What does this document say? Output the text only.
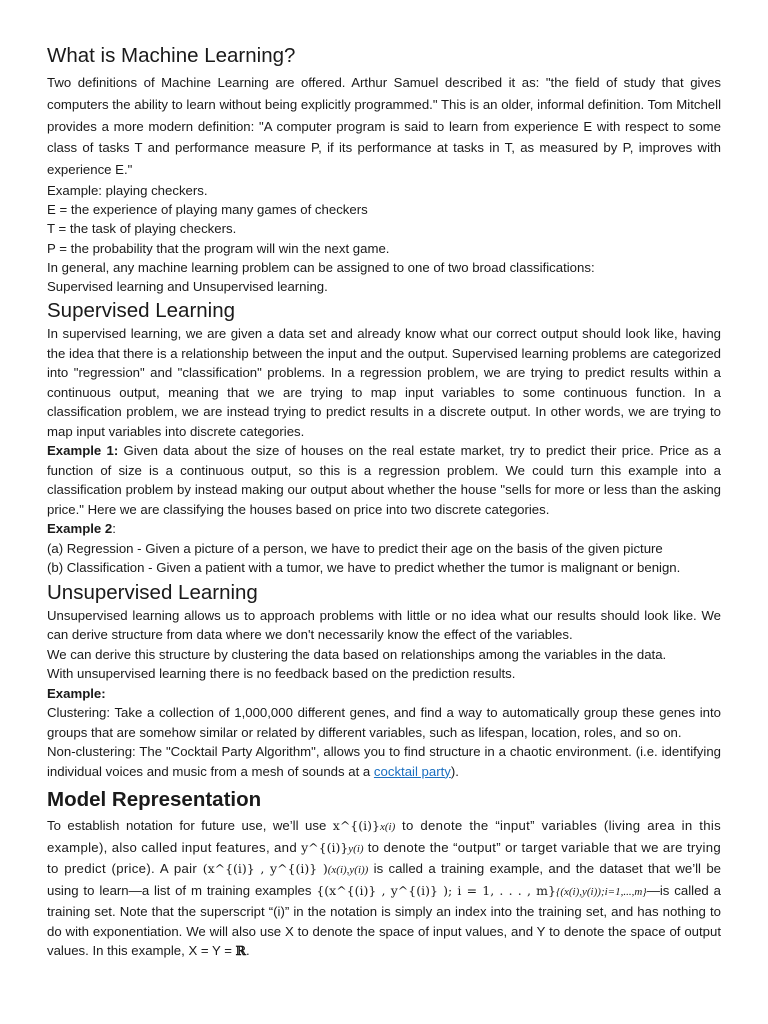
What is Machine Learning?

Two definitions of Machine Learning are offered. Arthur Samuel described it as: "the field of study that gives computers the ability to learn without being explicitly programmed." This is an older, informal definition. Tom Mitchell provides a more modern definition: "A computer program is said to learn from experience E with respect to some class of tasks T and performance measure P, if its performance at tasks in T, as measured by P, improves with experience E."

Example: playing checkers.

E = the experience of playing many games of checkers

T = the task of playing checkers.

P = the probability that the program will win the next game.

In general, any machine learning problem can be assigned to one of two broad classifications:

Supervised learning and Unsupervised learning.

Supervised Learning

In supervised learning, we are given a data set and already know what our correct output should look like, having the idea that there is a relationship between the input and the output. Supervised learning problems are categorized into "regression" and "classification" problems. In a regression problem, we are trying to predict results within a continuous output, meaning that we are trying to map input variables to some continuous function. In a classification problem, we are instead trying to predict results in a discrete output. In other words, we are trying to map input variables into discrete categories.

Example 1: Given data about the size of houses on the real estate market, try to predict their price. Price as a function of size is a continuous output, so this is a regression problem. We could turn this example into a classification problem by instead making our output about whether the house "sells for more or less than the asking price." Here we are classifying the houses based on price into two discrete categories.

Example 2:

(a) Regression - Given a picture of a person, we have to predict their age on the basis of the given picture

(b) Classification - Given a patient with a tumor, we have to predict whether the tumor is malignant or benign.

Unsupervised Learning

Unsupervised learning allows us to approach problems with little or no idea what our results should look like. We can derive structure from data where we don't necessarily know the effect of the variables.

We can derive this structure by clustering the data based on relationships among the variables in the data.

With unsupervised learning there is no feedback based on the prediction results.

Example:

Clustering: Take a collection of 1,000,000 different genes, and find a way to automatically group these genes into groups that are somehow similar or related by different variables, such as lifespan, location, roles, and so on.

Non-clustering: The "Cocktail Party Algorithm", allows you to find structure in a chaotic environment. (i.e. identifying individual voices and music from a mesh of sounds at a cocktail party).

Model Representation

To establish notation for future use, we’ll use x^{(i)}x(i) to denote the “input” variables (living area in this example), also called input features, and y^{(i)}y(i) to denote the “output” or target variable that we are trying to predict (price). A pair (x^{(i)} , y^{(i)} )(x(i),y(i)) is called a training example, and the dataset that we’ll be using to learn—a list of m training examples {(x^{(i)} , y^{(i)} ); i = 1, . . . , m}{(x(i),y(i));i=1,...,m}—is called a training set. Note that the superscript “(i)” in the notation is simply an index into the training set, and has nothing to do with exponentiation. We will also use X to denote the space of input values, and Y to denote the space of output values. In this example, X = Y = ℝ.
